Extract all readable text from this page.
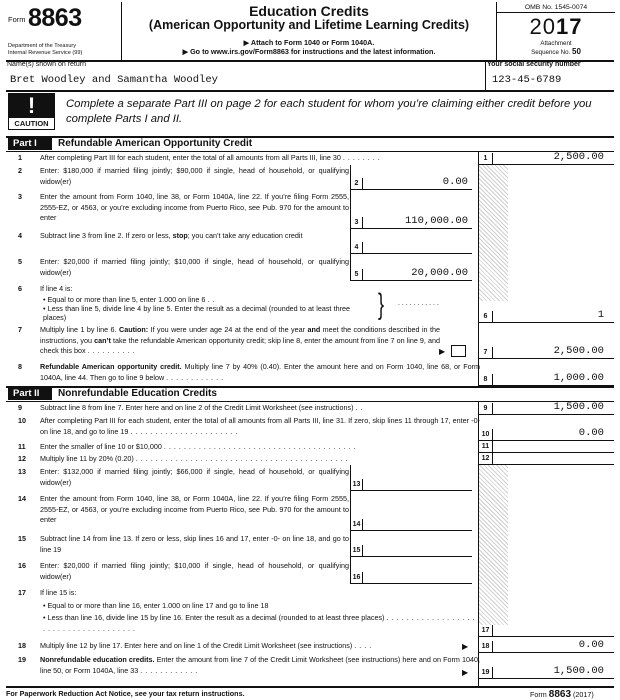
Form 8863
Department of the Treasury
Internal Revenue Service (99)
Education Credits
(American Opportunity and Lifetime Learning Credits)
▶ Attach to Form 1040 or Form 1040A.
▶ Go to www.irs.gov/Form8863 for instructions and the latest information.
OMB No. 1545-0074
2017
Attachment
Sequence No. 50
Name(s) shown on return	Your social security number
Bret Woodley and Samantha Woodley	123-45-6789
!
CAUTION
Complete a separate Part III on page 2 for each student for whom you’re claiming either credit before you complete Parts I and II.
Part I	Refundable American Opportunity Credit
1	After completing Part III for each student, enter the total of all amounts from all Parts III, line 30 . . . . . . . .	1	2,500.00
2	Enter: $180,000 if married filing jointly; $90,000 if single, head of household, or qualifying widow(er)	2	0.00
3	Enter the amount from Form 1040, line 38, or Form 1040A, line 22. If you’re filing Form 2555, 2555-EZ, or 4563, or you’re excluding income from Puerto Rico, see Pub. 970 for the amount to enter
3	110,000.00
4	Subtract line 3 from line 2. If zero or less, stop; you can’t take any education credit
4
5	Enter: $20,000 if married filing jointly; $10,000 if single, head of household, or qualifying widow(er)	5	20,000.00
6	If line 4 is:
• Equal to or more than line 5, enter 1.000 on line 6 . .
• Less than line 5, divide line 4 by line 5. Enter the result as a decimal (rounded to at least three places)	} . . . . . . . . . . .
6	1
7	Multiply line 1 by line 6. Caution: If you were under age 24 at the end of the year and meet the conditions described in the instructions, you can’t take the refundable American opportunity credit; skip line 8, enter the amount from line 7 on line 9, and check this box . . . . . . . . . .	▶	7	2,500.00
8	Refundable American opportunity credit. Multiply line 7 by 40% (0.40). Enter the amount here and on Form 1040, line 68, or Form 1040A, line 44. Then go to line 9 below . . . . . . . . . . . .	8	1,000.00
Part II	Nonrefundable Education Credits
9	Subtract line 8 from line 7. Enter here and on line 2 of the Credit Limit Worksheet (see instructions) . .	9	1,500.00
10 After completing Part III for each student, enter the total of all amounts from all Parts III, line 31. If zero, skip lines 11 through 17, enter -0- on line 18, and go to line 19 . . . . . . . . . . . . . . . . . . . . . .	10	0.00
11 Enter the smaller of line 10 or $10,000 . . . . . . . . . . . . . . . . . . . . . . . . . . . . . . . . . . . . . . .	11
12 Multiply line 11 by 20% (0.20) . . . . . . . . . . . . . . . . . . . . . . . . . . . . . . . . . . . . . . . . . . .	12
13 Enter: $132,000 if married filing jointly; $66,000 if single, head of household, or qualifying widow(er)	13
14 Enter the amount from Form 1040, line 38, or Form 1040A, line 22. If you’re filing Form 2555, 2555-EZ, or 4563, or you’re excluding income from Puerto Rico, see Pub. 970 for the amount to enter
14
15 Subtract line 14 from line 13. If zero or less, skip lines 16 and 17, enter -0- on line 18, and go to line 19	15
16 Enter: $20,000 if married filing jointly; $10,000 if single, head of household, or qualifying widow(er)	16
17 If line 15 is:
• Equal to or more than line 16, enter 1.000 on line 17 and go to line 18
• Less than line 16, divide line 15 by line 16. Enter the result as a decimal (rounded to at least three places) . . . . . . . . . . . . . . . . . . . . . . . . . . . . . . . . . . . . . .	17
18 Multiply line 12 by line 17. Enter here and on line 1 of the Credit Limit Worksheet (see instructions) . . . .	▶	18	0.00
19 Nonrefundable education credits. Enter the amount from line 7 of the Credit Limit Worksheet (see instructions) here and on Form 1040, line 50, or Form 1040A, line 33 . . . . . . . . . . . .	▶	19	1,500.00
For Paperwork Reduction Act Notice, see your tax return instructions.	Form 8863 (2017)
